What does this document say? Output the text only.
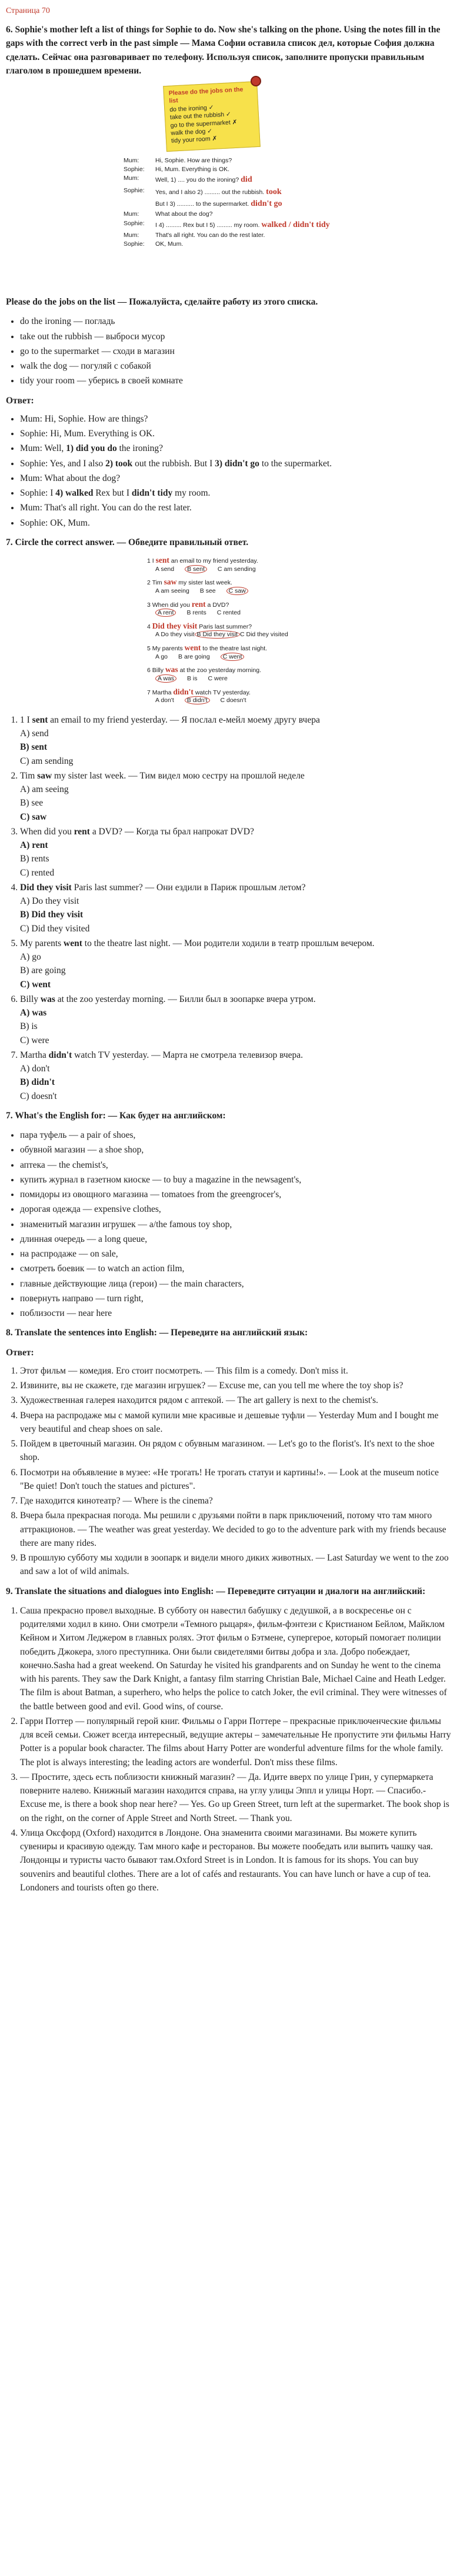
Страница 70
6. Sophie's mother left a list of things for Sophie to do. Now she's talking on the phone. Using the notes fill in the gaps with the correct verb in the past simple — Мама Софии оставила список дел, которые София должна сделать. Сейчас она разговаривает по телефону. Используя список, заполните пропуски правильным глаголом в прошедшем времени.
Please do the jobs on the list
do the ironing ✓
take out the rubbish ✓
go to the supermarket ✗
walk the dog ✓
tidy your room ✗
Mum:	Hi, Sophie. How are things?
Sophie:	Hi, Mum. Everything is OK.
Mum:	Well, 1) .... you do the ironing? did
Sophie:	Yes, and I also 2) ......... out the rubbish. took
But I 3) .......... to the supermarket. didn't go
Mum:	What about the dog?
Sophie:	I 4) ......... Rex but I 5) ......... my room. walked / didn't tidy
Mum:	That's all right. You can do the rest later.
Sophie:	OK, Mum.
Please do the jobs on the list — Пожалуйста, сделайте работу из этого списка.
• do the ironing — погладь
• take out the rubbish — выброси мусор
• go to the supermarket — сходи в магазин
• walk the dog — погуляй с собакой
• tidy your room — уберись в своей комнате

Ответ:

• Mum: Hi, Sophie. How are things?
• Sophie: Hi, Mum. Everything is OK.
• Mum: Well, 1) did you do the ironing?
• Sophie: Yes, and I also 2) took out the rubbish. But I 3) didn't go to the supermarket.
• Mum: What about the dog?
• Sophie: I 4) walked Rex but I didn't tidy my room.
• Mum: That's all right. You can do the rest later.
• Sophie: OK, Mum.
7. Circle the correct answer. — Обведите правильный ответ.
1 I sent an email to my friend yesterday.
A send	B sent	C am sending
2 Tim saw my sister last week.
A am seeing B see	C saw
3 When did you rent a DVD?
A rent	B rents C rented
4 Did they visit Paris last summer?
A Do they visit B Did they visit C Did they visited
5 My parents went to the theatre last night.
A go B are going	C went
6 Billy was at the zoo yesterday morning.
A was	B is C were
7 Martha didn't watch TV yesterday.
A don't	B didn't	C doesn't
1. 1 I sent an email to my friend yesterday. — Я послал е-мейл моему другу вчера
A) send
B) sent
C) am sending
2. Tim saw my sister last week. — Тим видел мою сестру на прошлой неделе
A) am seeing
B) see
C) saw
3. When did you rent a DVD? — Когда ты брал напрокат DVD?
A) rent
B) rents
C) rented
4. Did they visit Paris last summer? — Они ездили в Париж прошлым летом?
A) Do they visit
B) Did they visit
C) Did they visited
5. My parents went to the theatre last night. — Мои родители ходили в театр прошлым вечером.
A) go
B) are going
C) went
6. Billy was at the zoo yesterday morning. — Билли был в зоопарке вчера утром.
A) was
B) is
C) were
7. Martha didn't watch TV yesterday. — Марта не смотрела телевизор вчера.
A) don't
B) didn't
C) doesn't
7. What's the English for: — Как будет на английском:
• пара туфель — a pair of shoes,
• обувной магазин — a shoe shop,
• аптека — the chemist's,
• купить журнал в газетном киоске — to buy a magazine in the newsagent's,
• помидоры из овощного магазина — tomatoes from the greengrocer's,
• дорогая одежда — expensive clothes,
• знаменитый магазин игрушек — a/the famous toy shop,
• длинная очередь — a long queue,
• на распродаже — on sale,
• смотреть боевик — to watch an action film,
• главные действующие лица (герои) — the main characters,
• повернуть направо — turn right,
• поблизости — near here
8. Translate the sentences into English: — Переведите на английский язык:

Ответ:

1. Этот фильм — комедия. Его стоит посмотреть. — This film is a comedy. Don't miss it.
2. Извините, вы не скажете, где магазин игрушек? — Excuse me, can you tell me where the toy shop is?
3. Художественная галерея находится рядом с аптекой. — The art gallery is next to the chemist's.
4. Вчера на распродаже мы с мамой купили мне красивые и дешевые туфли — Yesterday Mum and I bought me very beautiful and cheap shoes on sale.
5. Пойдем в цветочный магазин. Он рядом с обувным магазином. — Let's go to the florist's. It's next to the shoe shop.
6. Посмотри на объявление в музее: «Не трогать! Не трогать статуи и картины!». — Look at the museum notice "Be quiet! Don't touch the statues and pictures".
7. Где находится кинотеатр? — Where is the cinema?
8. Вчера была прекрасная погода. Мы решили с друзьями пойти в парк приключений, потому что там много аттракционов. — The weather was great yesterday. We decided to go to the adventure park with my friends because there are many rides.
9. В прошлую субботу мы ходили в зоопарк и видели много диких животных. — Last Saturday we went to the zoo and saw a lot of wild animals.
9. Translate the situations and dialogues into English: — Переведите ситуации и диалоги на английский:
1. Саша прекрасно провел выходные. В субботу он навестил бабушку с дедушкой, а в воскресенье он с родителями ходил в кино. Они смотрели «Темного рыцаря», фильм-фэнтези с Кристианом Бейлом, Майклом Кейном и Хитом Леджером в главных ролях. Этот фильм о Бэтмене, супергерое, который помогает полиции победить Джокера, злого преступника. Они были свидетелями битвы добра и зла. Добро побеждает, конечно.Sasha had a great weekend. On Saturday he visited his grandparents and on Sunday he went to the cinema with his parents. They saw the Dark Knight, a fantasy film starring Christian Bale, Michael Caine and Heath Ledger. The film is about Batman, a superhero, who helps the police to catch Joker, the evil criminal. They were witnesses of the battle between good and evil. Good wins, of course.
2. Гарри Поттер — популярный герой книг. Фильмы о Гарри Поттере – прекрасные приключенческие фильмы для всей семьи. Сюжет всегда интересный, ведущие актеры – замечательные Не пропустите эти фильмы Harry Potter is a popular book character. The films about Harry Potter are wonderful adventure films for the whole family. The plot is always interesting; the leading actors are wonderful. Don't miss these films.
3. — Простите, здесь есть поблизости книжный магазин? — Да. Идите вверх по улице Грин, у супермаркета поверните налево. Книжный магазин находится справа, на углу улицы Эппл и улицы Норт. — Спасибо.- Excuse me, is there a book shop near here? — Yes. Go up Green Street, turn left at the supermarket. The book shop is on the right, on the corner of Apple Street and North Street. — Thank you.
4. Улица Оксфорд (Oxford) находится в Лондоне. Она знаменита своими магазинами. Вы можете купить сувениры и красивую одежду. Там много кафе и ресторанов. Вы можете пообедать или выпить чашку чая. Лондонцы и туристы часто бывают там.Oxford Street is in London. It is famous for its shops. You can buy souvenirs and beautiful clothes. There are a lot of cafés and restaurants. You can have lunch or have a cup of tea. Londoners and tourists often go there.
